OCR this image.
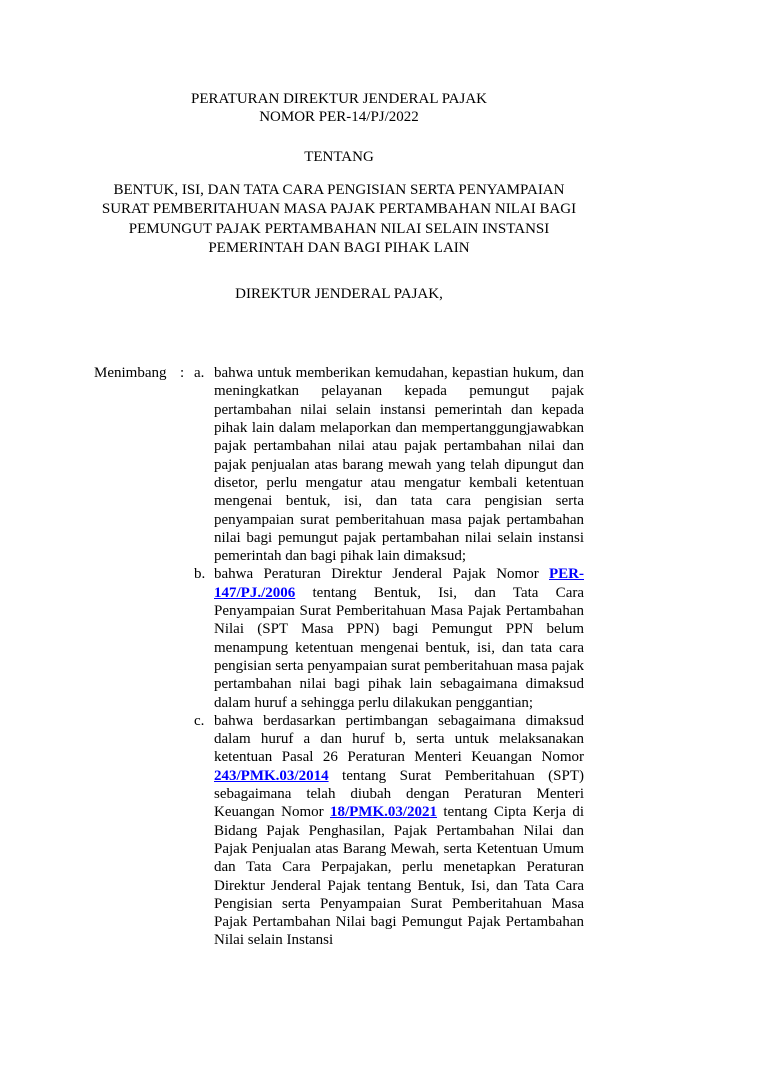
PERATURAN DIREKTUR JENDERAL PAJAK
NOMOR PER-14/PJ/2022
TENTANG
BENTUK, ISI, DAN TATA CARA PENGISIAN SERTA PENYAMPAIAN SURAT PEMBERITAHUAN MASA PAJAK PERTAMBAHAN NILAI BAGI PEMUNGUT PAJAK PERTAMBAHAN NILAI SELAIN INSTANSI PEMERINTAH DAN BAGI PIHAK LAIN
DIREKTUR JENDERAL PAJAK,
Menimbang : a. bahwa untuk memberikan kemudahan, kepastian hukum, dan meningkatkan pelayanan kepada pemungut pajak pertambahan nilai selain instansi pemerintah dan kepada pihak lain dalam melaporkan dan mempertanggungjawabkan pajak pertambahan nilai atau pajak pertambahan nilai dan pajak penjualan atas barang mewah yang telah dipungut dan disetor, perlu mengatur atau mengatur kembali ketentuan mengenai bentuk, isi, dan tata cara pengisian serta penyampaian surat pemberitahuan masa pajak pertambahan nilai bagi pemungut pajak pertambahan nilai selain instansi pemerintah dan bagi pihak lain dimaksud;
b. bahwa Peraturan Direktur Jenderal Pajak Nomor PER-147/PJ./2006 tentang Bentuk, Isi, dan Tata Cara Penyampaian Surat Pemberitahuan Masa Pajak Pertambahan Nilai (SPT Masa PPN) bagi Pemungut PPN belum menampung ketentuan mengenai bentuk, isi, dan tata cara pengisian serta penyampaian surat pemberitahuan masa pajak pertambahan nilai bagi pihak lain sebagaimana dimaksud dalam huruf a sehingga perlu dilakukan penggantian;
c. bahwa berdasarkan pertimbangan sebagaimana dimaksud dalam huruf a dan huruf b, serta untuk melaksanakan ketentuan Pasal 26 Peraturan Menteri Keuangan Nomor 243/PMK.03/2014 tentang Surat Pemberitahuan (SPT) sebagaimana telah diubah dengan Peraturan Menteri Keuangan Nomor 18/PMK.03/2021 tentang Cipta Kerja di Bidang Pajak Penghasilan, Pajak Pertambahan Nilai dan Pajak Penjualan atas Barang Mewah, serta Ketentuan Umum dan Tata Cara Perpajakan, perlu menetapkan Peraturan Direktur Jenderal Pajak tentang Bentuk, Isi, dan Tata Cara Pengisian serta Penyampaian Surat Pemberitahuan Masa Pajak Pertambahan Nilai bagi Pemungut Pajak Pertambahan Nilai selain Instansi
